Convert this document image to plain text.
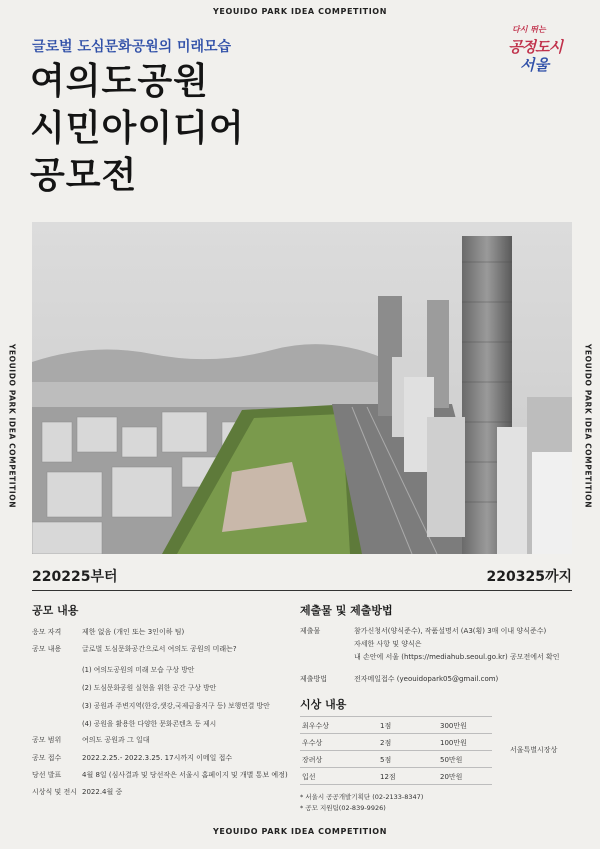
YEOUIDO PARK IDEA COMPETITION
YEOUIDO PARK IDEA COMPETITION	YEOUIDO PARK IDEA COMPETITION
다시 뛰는
공정도시
서울
글로벌 도심문화공원의 미래모습
여의도공원
시민아이디어
공모전
220225부터	220325까지
공모 내용
응모 자격	제한 없음 (개인 또는 3인이하 팀)
공모 내용	글로벌 도심문화공간으로서 여의도 공원의 미래는?
(1) 여의도공원의 미래 모습 구상 방안
(2) 도심문화공원 실현을 위한 공간 구상 방안
(3) 공원과 주변지역(한강,샛강,국제금융지구 등) 보행연결 방안
(4) 공원을 활용한 다양한 문화콘텐츠 등 제시
공모 범위	여의도 공원과 그 일대
공모 접수	2022.2.25.- 2022.3.25. 17시까지 이메일 접수
당선 발표	4월 8일 (심사결과 및 당선작은 서울시 홈페이지 및 개별 통보 예정)
시상식 및 전시 2022.4월 중
제출물 및 제출방법
제출물	참가신청서(양식준수), 작품설명서 (A3(횡) 3매 이내 양식준수)
자세한 사항 및 양식은
내 손안에 서울 (https://mediahub.seoul.go.kr) 공모전에서 확인
제출방법	전자메일접수 (yeouidopark05@gmail.com)
시상 내용
최우수상	1점	300만원
우수상	2점	100만원
장려상	5점	50만원
입선	12점	20만원
서울특별시장상
* 서울시 공공개발기획단 (02-2133-8347)
* 공모 지원팀(02-839-9926)
YEOUIDO PARK IDEA COMPETITION
